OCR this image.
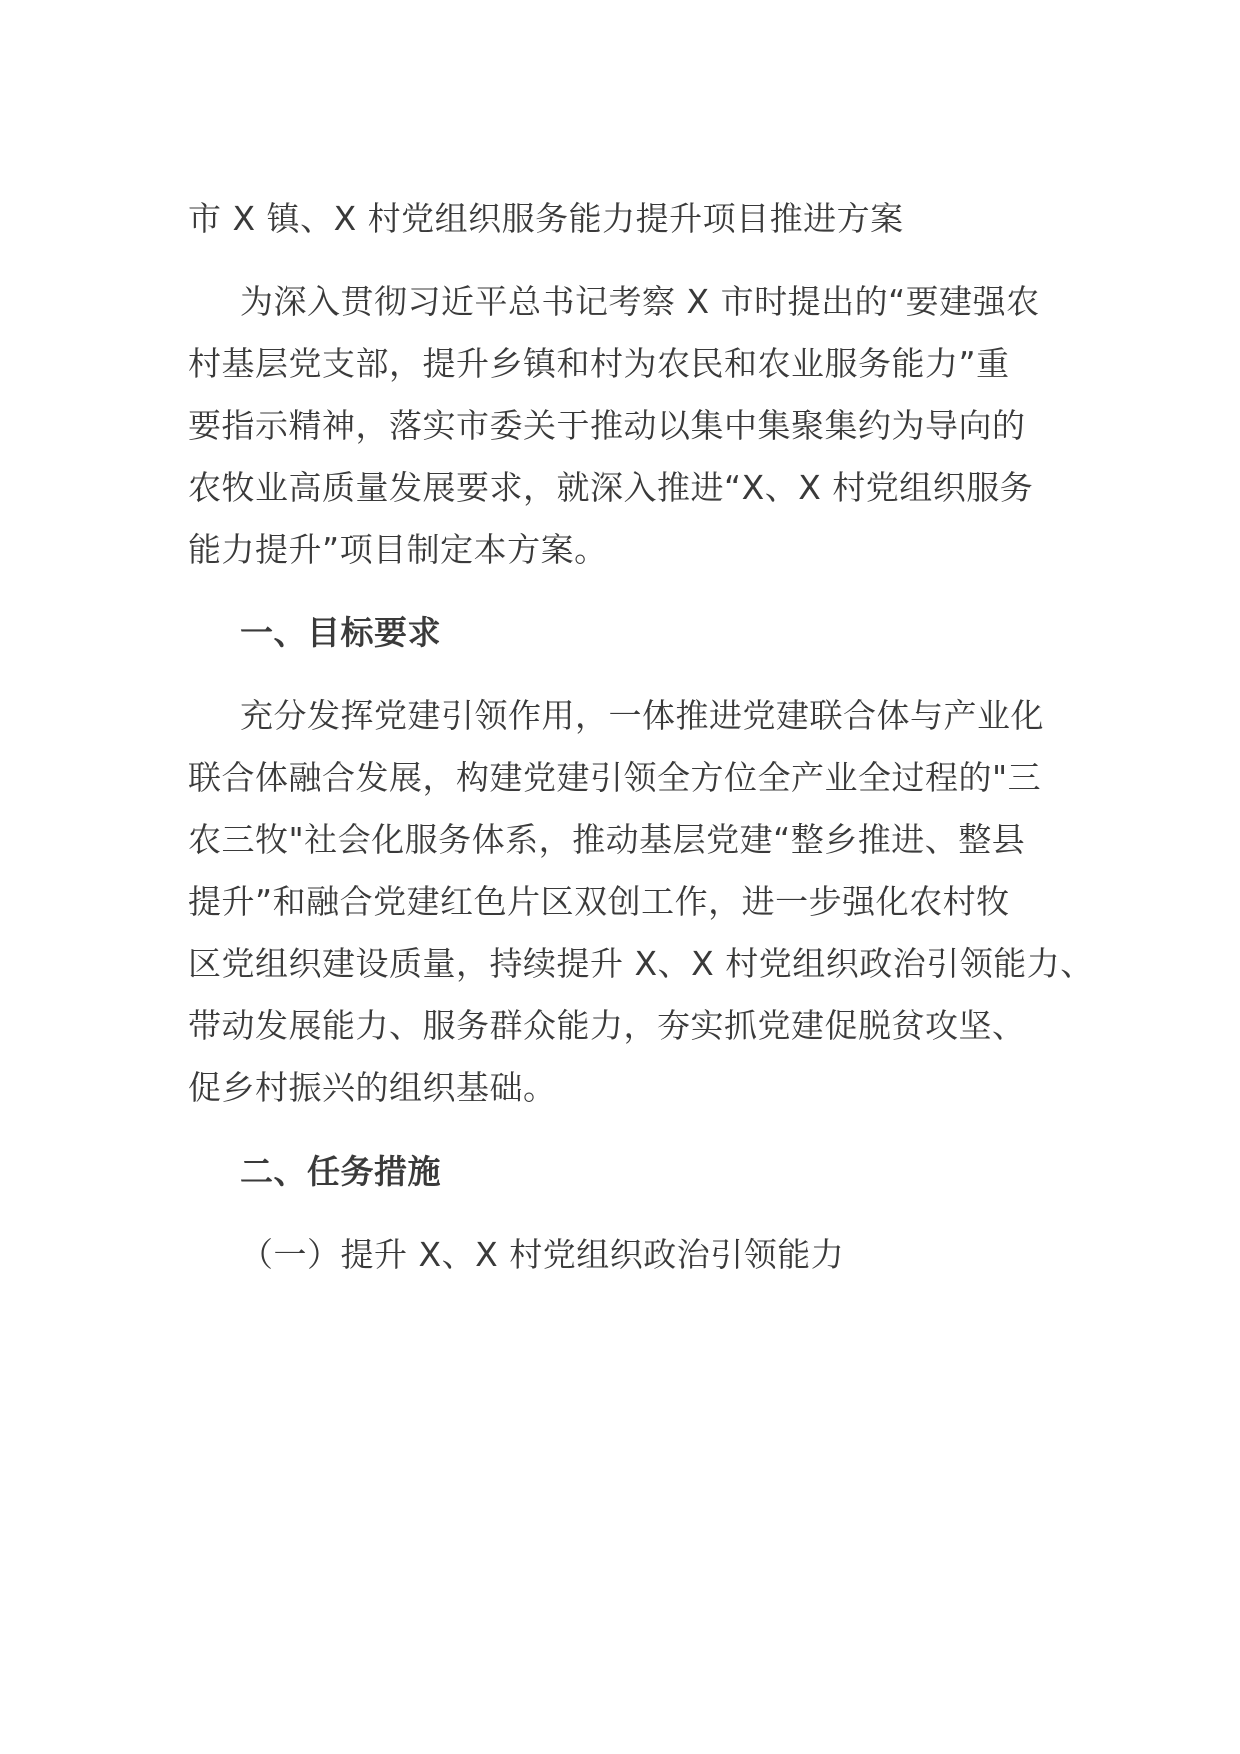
市 X 镇、X 村党组织服务能力提升项目推进方案
为深入贯彻习近平总书记考察 X 市时提出的“要建强农
村基层党支部，提升乡镇和村为农民和农业服务能力”重
要指示精神，落实市委关于推动以集中集聚集约为导向的
农牧业高质量发展要求，就深入推进“X、X 村党组织服务
能力提升”项目制定本方案。
一、目标要求
充分发挥党建引领作用，一体推进党建联合体与产业化
联合体融合发展，构建党建引领全方位全产业全过程的"三
农三牧"社会化服务体系，推动基层党建“整乡推进、整县
提升”和融合党建红色片区双创工作，进一步强化农村牧
区党组织建设质量，持续提升 X、X 村党组织政治引领能力、
带动发展能力、服务群众能力，夯实抓党建促脱贫攻坚、
促乡村振兴的组织基础。
二、任务措施
（一）提升 X、X 村党组织政治引领能力
